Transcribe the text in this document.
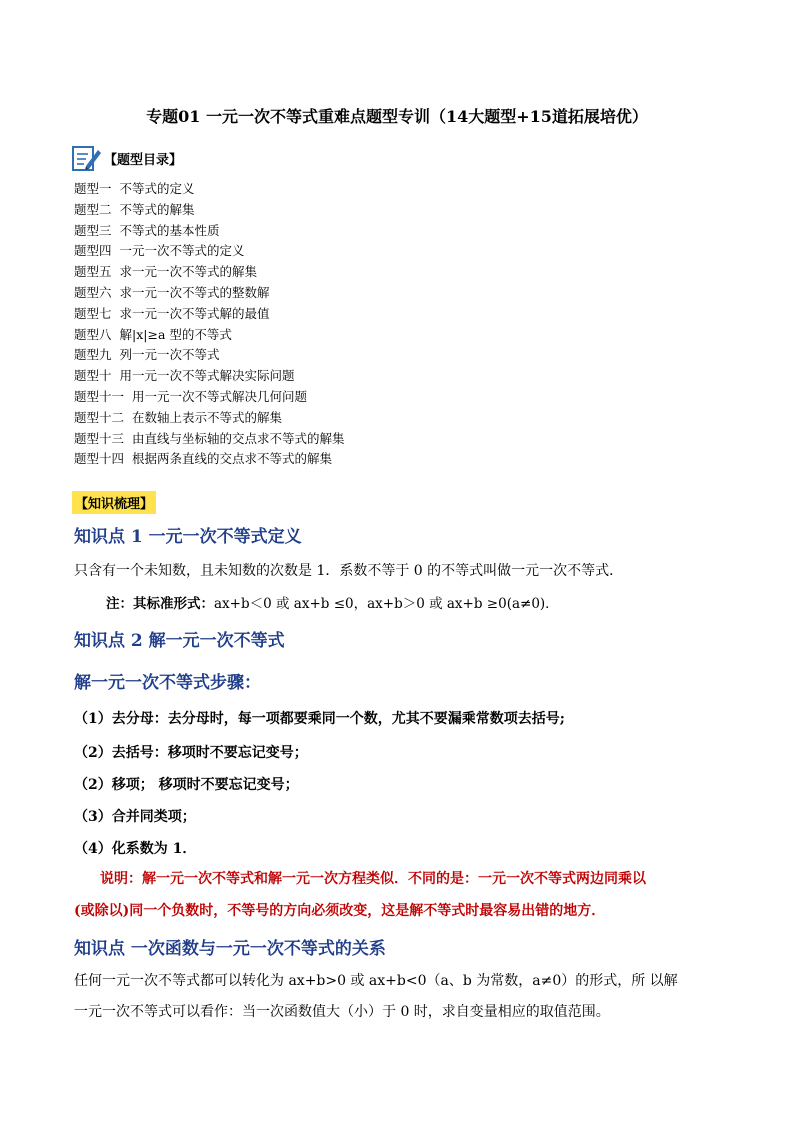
专题01 一元一次不等式重难点题型专训（14大题型+15道拓展培优）
【题型目录】
题型一 不等式的定义
题型二 不等式的解集
题型三 不等式的基本性质
题型四 一元一次不等式的定义
题型五 求一元一次不等式的解集
题型六 求一元一次不等式的整数解
题型七 求一元一次不等式解的最值
题型八 解|x|≥a 型的不等式
题型九 列一元一次不等式
题型十 用一元一次不等式解决实际问题
题型十一 用一元一次不等式解决几何问题
题型十二 在数轴上表示不等式的解集
题型十三 由直线与坐标轴的交点求不等式的解集
题型十四 根据两条直线的交点求不等式的解集
【知识梳理】
知识点 1 一元一次不等式定义
只含有一个未知数，且未知数的次数是 1．系数不等于 0 的不等式叫做一元一次不等式．
注：其标准形式：ax+b＜0 或 ax+b ≤0，ax+b＞0 或 ax+b ≥0(a≠0)．
知识点 2 解一元一次不等式
解一元一次不等式步骤：
（1）去分母：去分母时，每一项都要乘同一个数，尤其不要漏乘常数项去括号;
（2）去括号：移项时不要忘记变号；
（2）移项； 移项时不要忘记变号；
（3）合并同类项；
（4）化系数为 1．
说明：解一元一次不等式和解一元一次方程类似．不同的是：一元一次不等式两边同乘以
(或除以)同一个负数时，不等号的方向必须改变，这是解不等式时最容易出错的地方．
知识点 一次函数与一元一次不等式的关系
任何一元一次不等式都可以转化为 ax+b>0 或 ax+b<0（a、b 为常数，a≠0）的形式，所 以解
一元一次不等式可以看作：当一次函数值大（小）于 0 时，求自变量相应的取值范围。
